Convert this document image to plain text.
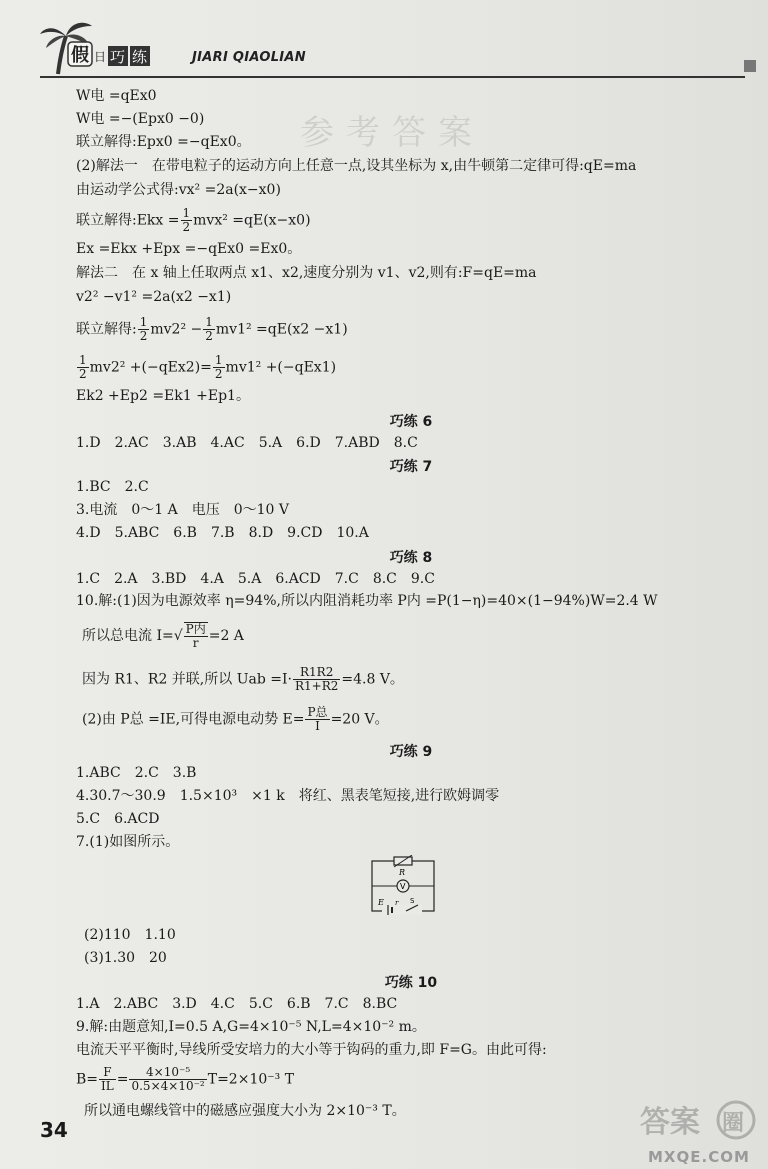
参考答案
假 日 巧 练	JIARI QIAOLIAN
W电 =qEx0
W电 =−(Epx0 −0)
联立解得:Epx0 =−qEx0。
(2)解法一　在带电粒子的运动方向上任意一点,设其坐标为 x,由牛顿第二定律可得:qE=ma
由运动学公式得:vx² =2a(x−x0)
联立解得:Ekx = $\frac{1}{2} mvx^2 =qE(x-x0)$
Ex =Ekx +Epx =−qEx0 =Ex0。
解法二　在 x 轴上任取两点 x1、x2,速度分别为 v1、v2,则有:F=qE=ma
v2² −v1² =2a(x2 −x1)
联立解得: $\frac{1}{2} mv2^2 - \frac{1}{2} mv1^2 =qE(x2 -x1)$
$\frac{1}{2} mv2^2 +(-qEx2)= \frac{1}{2} mv1^2 +(-qEx1)$
Ek2 +Ep2 =Ek1 +Ep1。
巧练 6
1.D　2.AC　3.AB　4.AC　5.A　6.D　7.ABD　8.C
巧练 7
1.BC　2.C
3.电流　0～1 A　电压　0～10 V
4.D　5.ABC　6.B　7.B　8.D　9.CD　10.A
巧练 8
1.C　2.A　3.BD　4.A　5.A　6.ACD　7.C　8.C　9.C
10.解:(1)因为电源效率 η=94%,所以内阻消耗功率 P内 =P(1−η)=40×(1−94%)W=2.4 W
所以总电流 $I=√ \frac{\text{P内}}{r} =2$ A
因为 R1、R2 并联,所以 Uab $=I\cdot \frac{R1R2}{R1+R2} =4.8$ V。
(2)由 P总 =IE,可得电源电动势 $E= \frac{\text{P总}}{I} =20$ V。
巧练 9
1.ABC　2.C　3.B
4.30.7～30.9　1.5×10³　×1 k　将红、黑表笔短接,进行欧姆调零
5.C　6.ACD
7.(1)如图所示。
(2)110　1.10
(3)1.30　20
巧练 10
1.A　2.ABC　3.D　4.C　5.C　6.B　7.C　8.BC
9.解:由题意知,I=0.5 A,G=4×10⁻⁵ N,L=4×10⁻² m。
电流天平平衡时,导线所受安培力的大小等于钩码的重力,即 F=G。由此可得:
$B= \frac{F}{IL} = \frac{\text{4×10⁻⁵}}{\text{0.5×4×10⁻²}} T=2\times 10^{-3}$ T
所以通电螺线管中的磁感应强度大小为 2×10⁻³ T。
R
V
E r S
34	答案 圈
MXQE.COM
